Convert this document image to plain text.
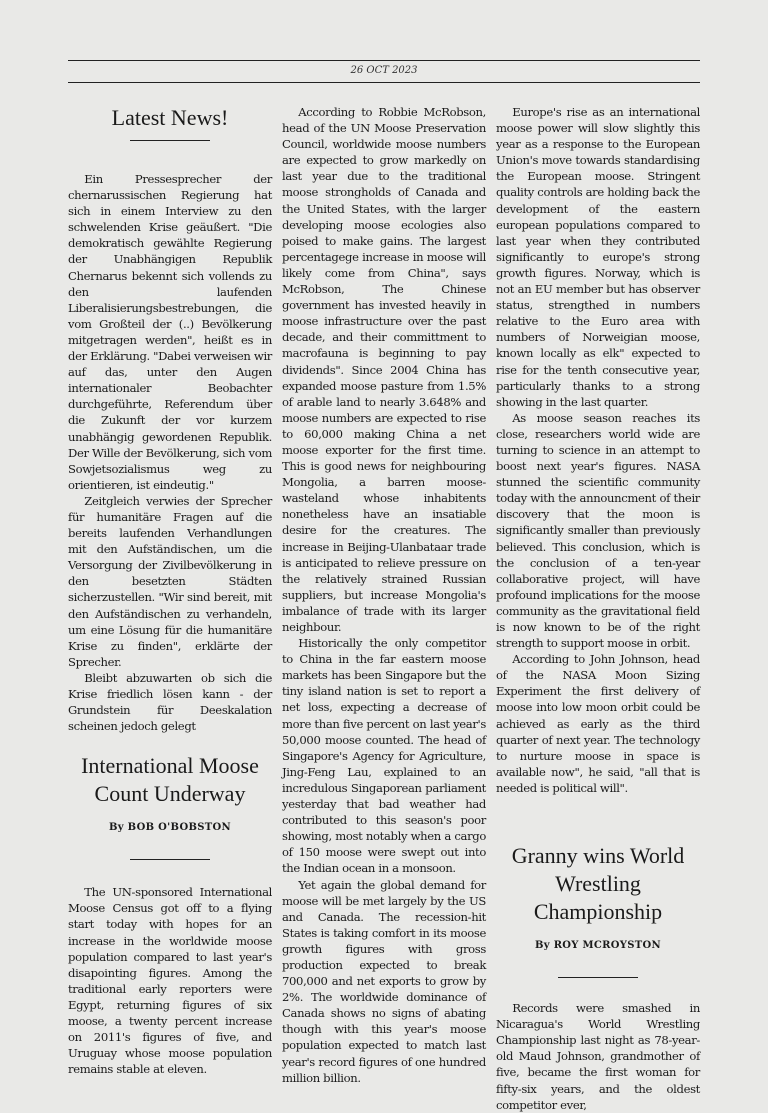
26 OCT 2023
Latest News!

Ein Pressesprecher der chernarussischen Regierung hat sich in einem Interview zu den schwelenden Krise geäußert. "Die demokratisch gewählte Regierung der Unabhängigen Republik Chernarus bekennt sich vollends zu den laufenden Liberalisierungsbestrebungen, die vom Großteil der (..) Bevölkerung mitgetragen werden", heißt es in der Erklärung. "Dabei verweisen wir auf das, unter den Augen internationaler Beobachter durchgeführte, Referendum über die Zukunft der vor kurzem unabhängig gewordenen Republik. Der Wille der Bevölkerung, sich vom Sowjetsozialismus weg zu orientieren, ist eindeutig."

Zeitgleich verwies der Sprecher für humanitäre Fragen auf die bereits laufenden Verhandlungen mit den Aufständischen, um die Versorgung der Zivilbevölkerung in den besetzten Städten sicherzustellen. "Wir sind bereit, mit den Aufständischen zu verhandeln, um eine Lösung für die humanitäre Krise zu finden", erklärte der Sprecher.

Bleibt abzuwarten ob sich die Krise friedlich lösen kann - der Grundstein für Deeskalation scheinen jedoch gelegt

International Moose Count Underway
By BOB O'BOBSTON

The UN-sponsored International Moose Census got off to a flying start today with hopes for an increase in the worldwide moose population compared to last year's disapointing figures. Among the traditional early reporters were Egypt, returning figures of six moose, a twenty percent increase on 2011's figures of five, and Uruguay whose moose population remains stable at eleven.

According to Robbie McRobson, head of the UN Moose Preservation Council, worldwide moose numbers are expected to grow markedly on last year due to the traditional moose strongholds of Canada and the United States, with the larger developing moose ecologies also poised to make gains. The largest percentagege increase in moose will likely come from China", says McRobson, The Chinese government has invested heavily in moose infrastructure over the past decade, and their committment to macrofauna is beginning to pay dividends". Since 2004 China has expanded moose pasture from 1.5% of arable land to nearly 3.648% and moose numbers are expected to rise to 60,000 making China a net moose exporter for the first time. This is good news for neighbouring Mongolia, a barren moose-wasteland whose inhabitents nonetheless have an insatiable desire for the creatures. The increase in Beijing-Ulanbataar trade is anticipated to relieve pressure on the relatively strained Russian suppliers, but increase Mongolia's imbalance of trade with its larger neighbour.

Historically the only competitor to China in the far eastern moose markets has been Singapore but the tiny island nation is set to report a net loss, expecting a decrease of more than five percent on last year's 50,000 moose counted. The head of Singapore's Agency for Agriculture, Jing-Feng Lau, explained to an incredulous Singaporean parliament yesterday that bad weather had contributed to this season's poor showing, most notably when a cargo of 150 moose were swept out into the Indian ocean in a monsoon.

Yet again the global demand for moose will be met largely by the US and Canada. The recession-hit States is taking comfort in its moose growth figures with gross production expected to break 700,000 and net exports to grow by 2%. The worldwide dominance of Canada shows no signs of abating though with this year's moose population expected to match last year's record figures of one hundred million billion.

Europe's rise as an international moose power will slow slightly this year as a response to the European Union's move towards standardising the European moose. Stringent quality controls are holding back the development of the eastern european populations compared to last year when they contributed significantly to europe's strong growth figures. Norway, which is not an EU member but has observer status, strengthed in numbers relative to the Euro area with numbers of Norweigian moose, known locally as elk" expected to rise for the tenth consecutive year, particularly thanks to a strong showing in the last quarter.

As moose season reaches its close, researchers world wide are turning to science in an attempt to boost next year's figures. NASA stunned the scientific community today with the announcment of their discovery that the moon is significantly smaller than previously believed. This conclusion, which is the conclusion of a ten-year collaborative project, will have profound implications for the moose community as the gravitational field is now known to be of the right strength to support moose in orbit.

According to John Johnson, head of the NASA Moon Sizing Experiment the first delivery of moose into low moon orbit could be achieved as early as the third quarter of next year. The technology to nurture moose in space is available now", he said, "all that is needed is political will".

Granny wins World Wrestling Championship
By ROY MCROYSTON

Records were smashed in Nicaragua's World Wrestling Championship last night as 78-year-old Maud Johnson, grandmother of five, became the first woman for fifty-six years, and the oldest competitor ever,
